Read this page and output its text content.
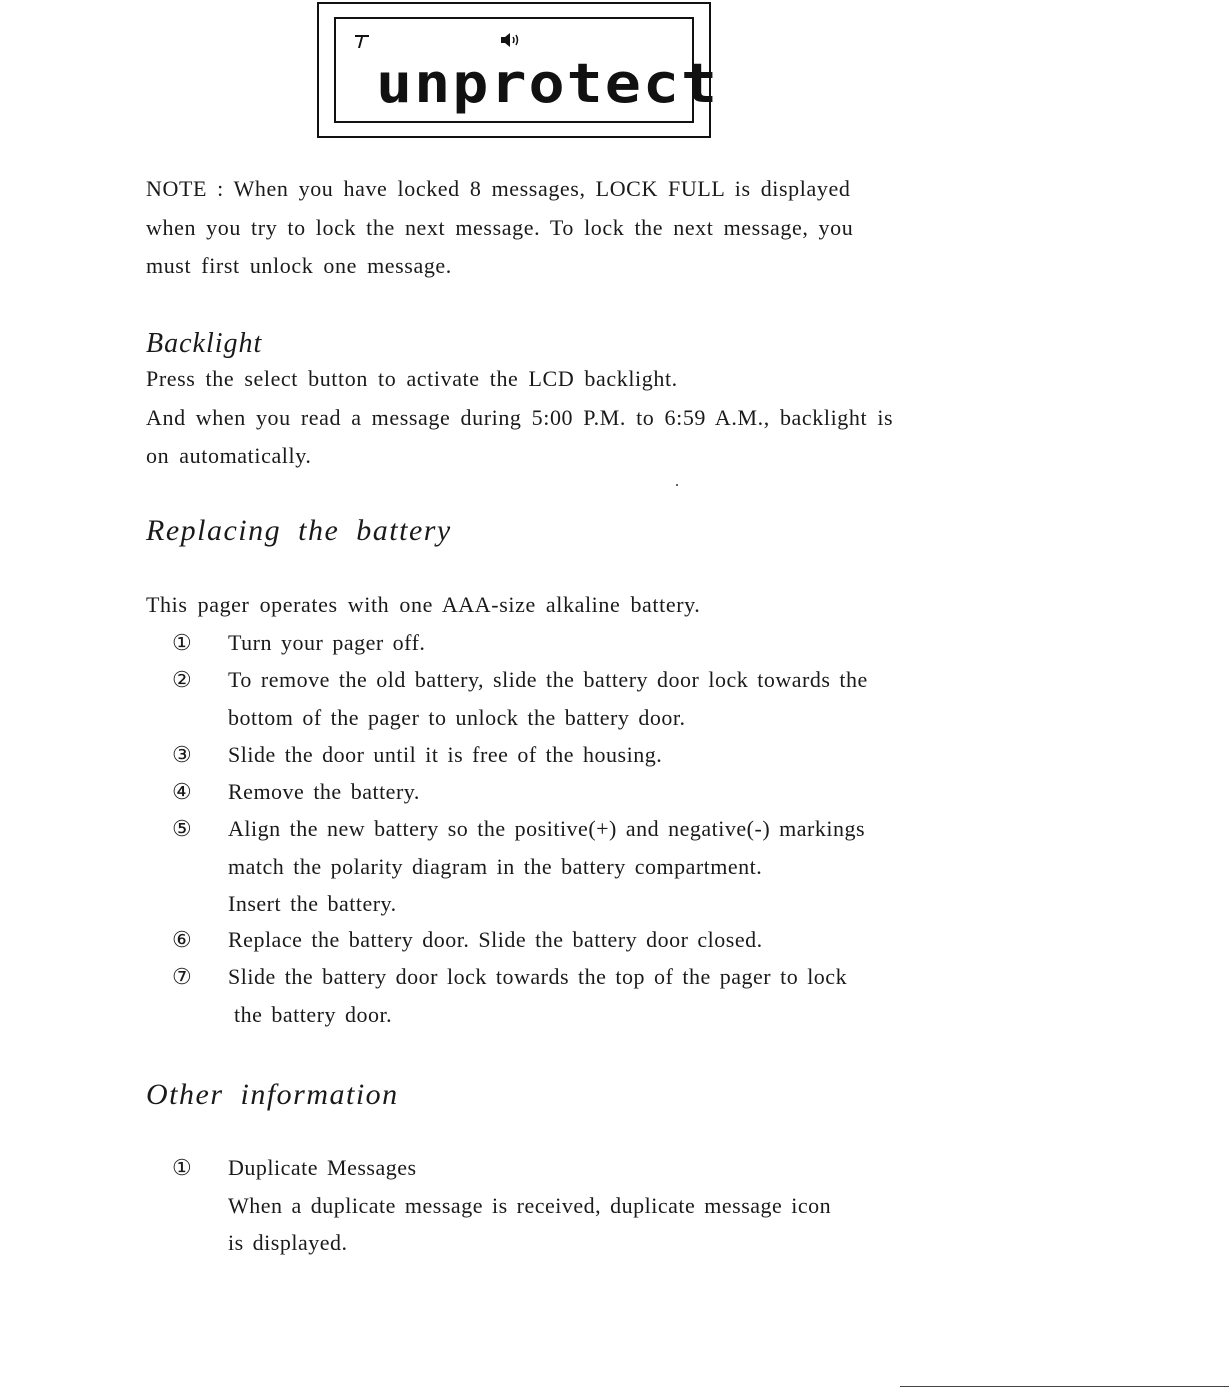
unprotect
NOTE : When you have locked 8 messages, LOCK FULL is displayed
when you try to lock the next message. To lock the next message, you
must first unlock one message.
Backlight
Press the select button to activate the LCD backlight.
And when you read a message during 5:00 P.M. to 6:59 A.M., backlight is
on automatically.
Replacing the battery
This pager operates with one AAA-size alkaline battery.
①	Turn your pager off.
②	To remove the old battery, slide the battery door lock towards the
bottom of the pager to unlock the battery door.
③	Slide the door until it is free of the housing.
④	Remove the battery.
⑤	Align the new battery so the positive(+) and negative(-) markings
match the polarity diagram in the battery compartment.
Insert the battery.
⑥	Replace the battery door. Slide the battery door closed.
⑦	Slide the battery door lock towards the top of the pager to lock
the battery door.
Other information
①	Duplicate Messages
When a duplicate message is received, duplicate message icon
is displayed.
